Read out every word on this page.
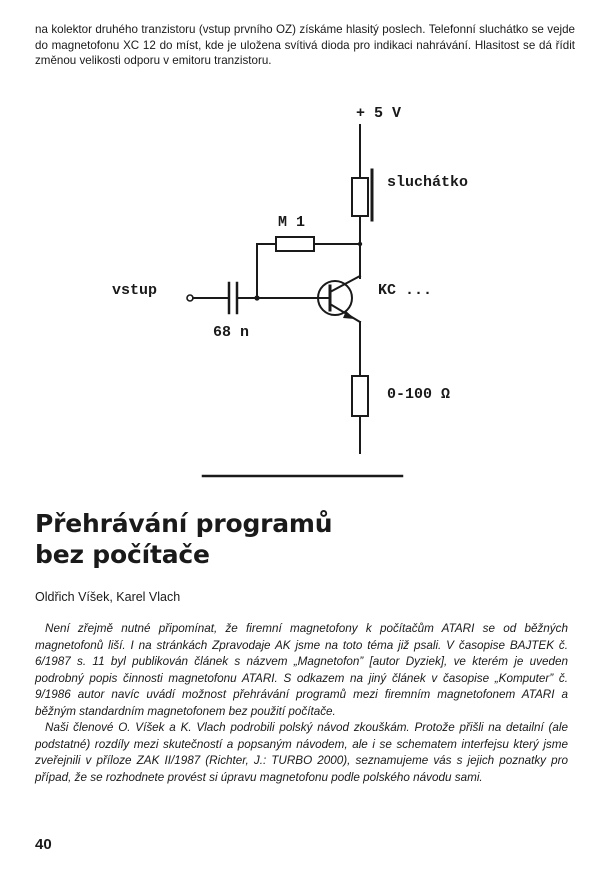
na kolektor druhého tranzistoru (vstup prvního OZ) získáme hlasitý poslech. Telefonní sluchátko se vejde do magnetofonu XC 12 do míst, kde je uložena svítivá dioda pro indikaci nahrávání. Hlasitost se dá řídit změnou velikosti odporu v emitoru tranzistoru.

+ 5 V
sluchátko
M 1
vstup	KC ...
68 n
0-100 Ω
Přehrávání programů
bez počítače

Oldřich Víšek, Karel Vlach

Není zřejmě nutné připomínat, že firemní magnetofony k počítačům ATARI se od běžných magnetofonů liší. I na stránkách Zpravodaje AK jsme na toto téma již psali. V časopise BAJTEK č. 6/1987 s. 11 byl publikován článek s názvem „Magnetofon” [autor Dyziek], ve kterém je uveden podrobný popis činnosti magnetofonu ATARI. S odkazem na jiný článek v časopise „Komputer” č. 9/1986 autor navíc uvádí možnost přehrávání programů mezi firemním magnetofonem ATARI a běžným standardním magnetofonem bez použití počítače.

Naši členové O. Víšek a K. Vlach podrobili polský návod zkouškám. Protože přišli na detailní (ale podstatné) rozdíly mezi skutečností a popsaným návodem, ale i se schematem interfejsu který jsme zveřejnili v příloze ZAK II/1987 (Richter, J.: TURBO 2000), seznamujeme vás s jejich poznatky pro případ, že se rozhodnete provést si úpravu magnetofonu podle polského návodu sami.

40
